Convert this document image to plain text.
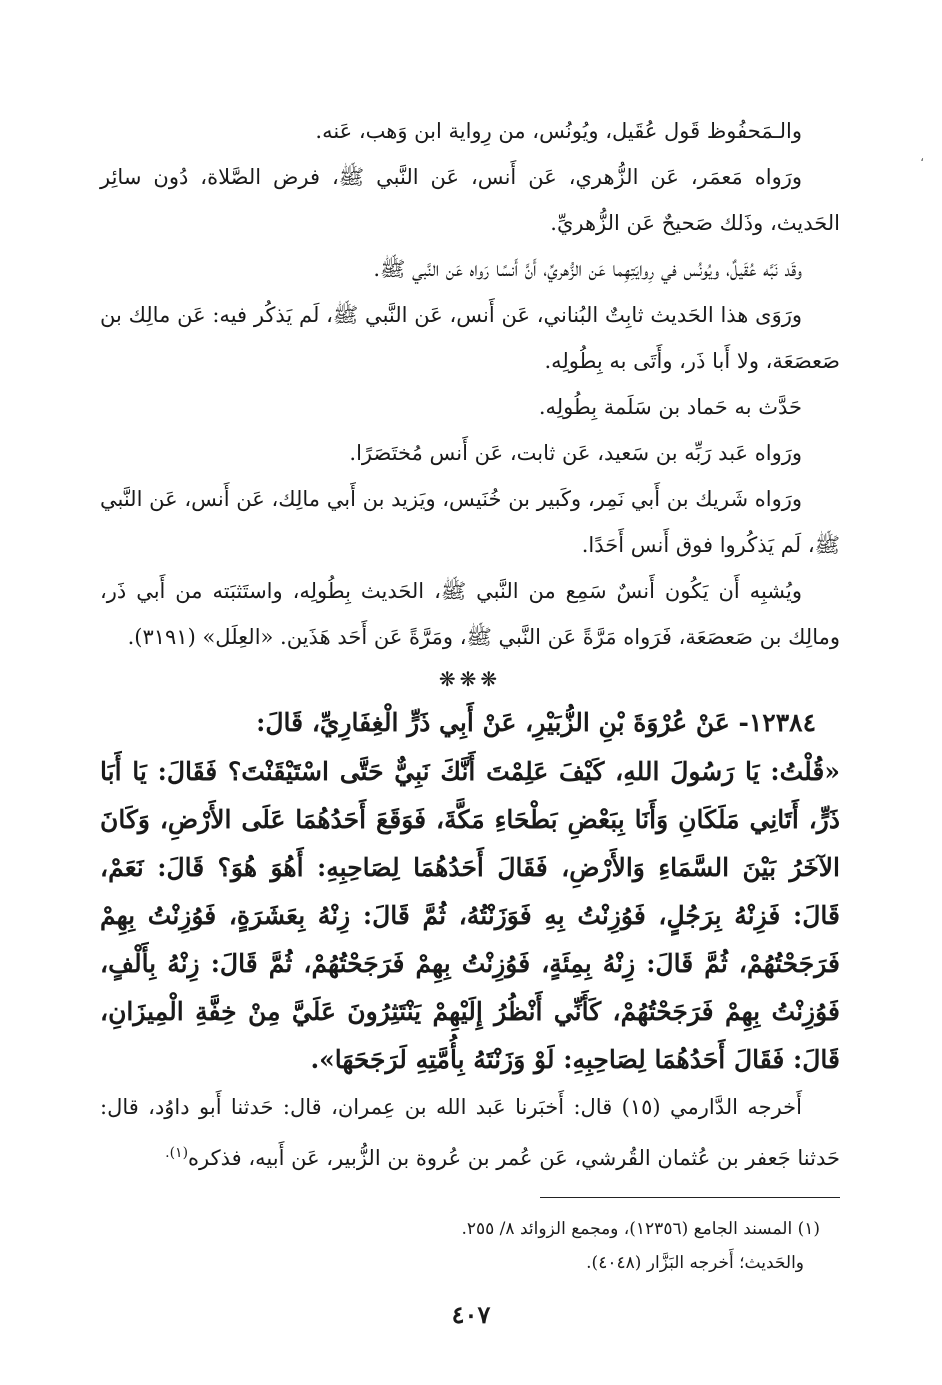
،

والـمَحفُوظ قَول عُقَيل، ويُونُس، من رِواية ابن وَهب، عَنه.

ورَواه مَعمَر، عَن الزُّهري، عَن أَنس، عَن النَّبي ﷺ، فرض الصَّلاة، دُون سائِر الحَديث، وذَلك صَحيحٌ عَن الزُّهريِّ.

وقَد نَبَّه عُقَيلٌ، ويُونُس في رِوايَتِهِما عَن الزُّهريِّ، أَنَّ أَنسًا رَواه عَن النَّبي ﷺ.

ورَوَى هذا الحَديث ثابِتٌ البُناني، عَن أَنس، عَن النَّبي ﷺ، لَم يَذكُر فيه: عَن مالِك بن صَعصَعَة، ولا أَبا ذَر، وأَتَى به بِطُولِه.

حَدَّث به حَماد بن سَلَمة بِطُولِه.

ورَواه عَبد رَبِّه بن سَعيد، عَن ثابت، عَن أَنس مُختَصَرًا.

ورَواه شَريك بن أَبي نَمِر، وكَبير بن خُنَيس، ويَزيد بن أَبي مالِك، عَن أَنس، عَن النَّبي ﷺ، لَم يَذكُروا فوق أَنس أَحَدًا.

ويُشبِه أَن يَكُون أَنسٌ سَمِع من النَّبي ﷺ، الحَديث بِطُولِه، واستَثبَته من أَبي ذَر، ومالِك بن صَعصَعَة، فَرَواه مَرَّةً عَن النَّبي ﷺ، ومَرَّةً عَن أَحَد هَذَين. «العِلَل» (٣١٩١).

❋❋❋

١٢٣٨٤- عَنْ عُرْوَةَ بْنِ الزُّبَيْرِ، عَنْ أَبِي ذَرٍّ الْغِفَارِيِّ، قَالَ:

«قُلْتُ: يَا رَسُولَ اللهِ، كَيْفَ عَلِمْتَ أَنَّكَ نَبِيٌّ حَتَّى اسْتَيْقَنْتَ؟ فَقَالَ: يَا أَبَا ذَرٍّ، أَتَانِي مَلَكَانِ وَأَنَا بِبَعْضِ بَطْحَاءِ مَكَّةَ، فَوَقَعَ أَحَدُهُمَا عَلَى الأَرْضِ، وَكَانَ الآخَرُ بَيْنَ السَّمَاءِ وَالأَرْضِ، فَقَالَ أَحَدُهُمَا لِصَاحِبِهِ: أَهُوَ هُوَ؟ قَالَ: نَعَمْ، قَالَ: فَزِنْهُ بِرَجُلٍ، فَوُزِنْتُ بِهِ فَوَزَنْتُهُ، ثُمَّ قَالَ: زِنْهُ بِعَشَرَةٍ، فَوُزِنْتُ بِهِمْ فَرَجَحْتُهُمْ، ثُمَّ قَالَ: زِنْهُ بِمِئَةٍ، فَوُزِنْتُ بِهِمْ فَرَجَحْتُهُمْ، ثُمَّ قَالَ: زِنْهُ بِأَلْفٍ، فَوُزِنْتُ بِهِمْ فَرَجَحْتُهُمْ، كَأَنِّي أَنْظُرُ إِلَيْهِمْ يَنْتَثِرُونَ عَلَيَّ مِنْ خِفَّةِ الْمِيزَانِ، قَالَ: فَقَالَ أَحَدُهُمَا لِصَاحِبِهِ: لَوْ وَزَنْتَهُ بِأُمَّتِهِ لَرَجَحَهَا».

أَخرجه الدَّارمي (١٥) قال: أَخبَرنا عَبد الله بن عِمران، قال: حَدثنا أَبو داوُد، قال: حَدثنا جَعفر بن عُثمان القُرشي، عَن عُمر بن عُروة بن الزُّبير، عَن أَبيه، فذكره$^{(١).}$

(١) المسند الجامع (١٢٣٥٦)، ومجمع الزوائد ٨/ ٢٥٥.

والحَديث؛ أَخرجه البَزَّار (٤٠٤٨).

٤٠٧
